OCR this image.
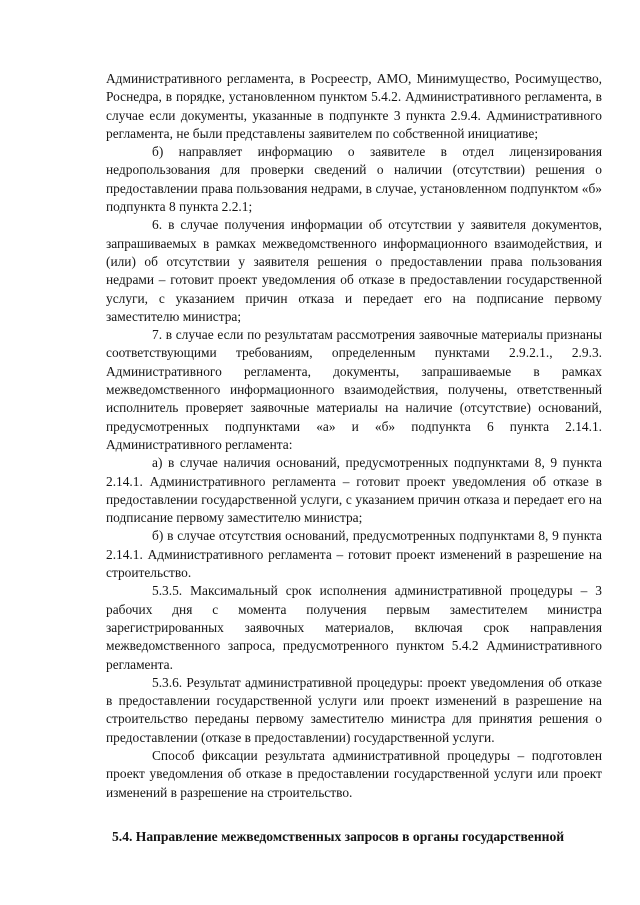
Административного регламента, в Росреестр, АМО, Минимущество, Росимущество, Роснедра, в порядке, установленном пунктом 5.4.2. Административного регламента, в случае если документы, указанные в подпункте 3 пункта 2.9.4. Административного регламента, не были представлены заявителем по собственной инициативе;

б) направляет информацию о заявителе в отдел лицензирования недропользования для проверки сведений о наличии (отсутствии) решения о предоставлении права пользования недрами, в случае, установленном подпунктом «б» подпункта 8 пункта 2.2.1;

6. в случае получения информации об отсутствии у заявителя документов, запрашиваемых в рамках межведомственного информационного взаимодействия, и (или) об отсутствии у заявителя решения о предоставлении права пользования недрами – готовит проект уведомления об отказе в предоставлении государственной услуги, с указанием причин отказа и передает его на подписание первому заместителю министра;

7. в случае если по результатам рассмотрения заявочные материалы признаны соответствующими требованиям, определенным пунктами 2.9.2.1., 2.9.3. Административного регламента, документы, запрашиваемые в рамках межведомственного информационного взаимодействия, получены, ответственный исполнитель проверяет заявочные материалы на наличие (отсутствие) оснований, предусмотренных подпунктами «а» и «б» подпункта 6 пункта 2.14.1. Административного регламента:

а) в случае наличия оснований, предусмотренных подпунктами 8, 9 пункта 2.14.1. Административного регламента – готовит проект уведомления об отказе в предоставлении государственной услуги, с указанием причин отказа и передает его на подписание первому заместителю министра;

б) в случае отсутствия оснований, предусмотренных подпунктами 8, 9 пункта 2.14.1. Административного регламента – готовит проект изменений в разрешение на строительство.

5.3.5. Максимальный срок исполнения административной процедуры – 3 рабочих дня с момента получения первым заместителем министра зарегистрированных заявочных материалов, включая срок направления межведомственного запроса, предусмотренного пунктом 5.4.2 Административного регламента.

5.3.6. Результат административной процедуры: проект уведомления об отказе в предоставлении государственной услуги или проект изменений в разрешение на строительство переданы первому заместителю министра для принятия решения о предоставлении (отказе в предоставлении) государственной услуги.

Способ фиксации результата административной процедуры – подготовлен проект уведомления об отказе в предоставлении государственной услуги или проект изменений в разрешение на строительство.

5.4. Направление межведомственных запросов в органы государственной
